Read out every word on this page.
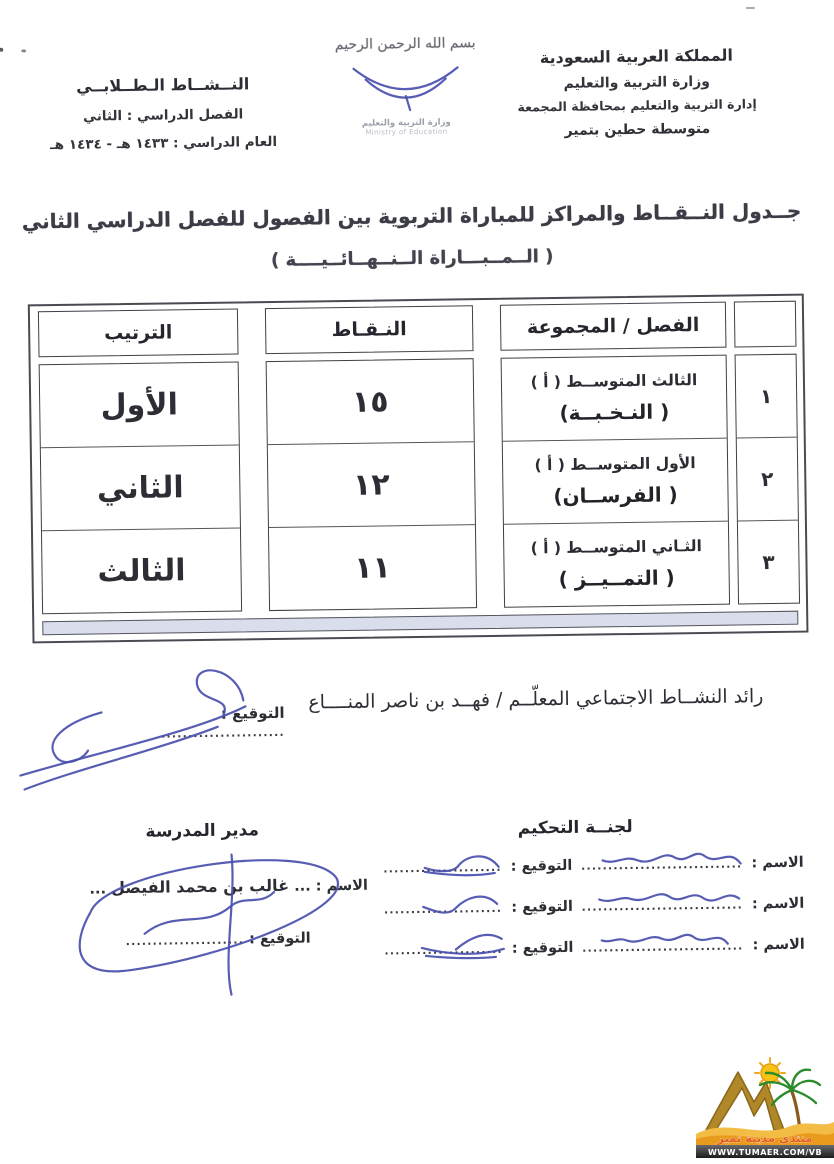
المملكة العربية السعودية
وزارة التربية والتعليم
إدارة التربية والتعليم بمحافظة المجمعة
متوسطة حطين بتمير
بسم الله الرحمن الرحيم
وزارة التربية والتعليم
Ministry of Education
النــشــاط الـطــلابــي
الفصل الدراسي : الثاني
العام الدراسي : ١٤٣٣ هـ - ١٤٣٤ هـ
جــدول النــقــاط والمراكز للمباراة التربوية بين الفصول للفصل الدراسي الثاني
( الــمــبـــاراة الــنــهــائــيــــة )
١
٢
٣
الفصل / المجموعة
الثالث المتوســط ( أ )
( النـخـبــة)
الأول المتوســط ( أ )
( الفرســان)
الثـاني المتوســط ( أ )
( التمــيــز )
النـقـاط
١٥
١٢
١١
الترتيب
الأول
الثاني
الثالث
رائد النشــاط الاجتماعي المعلّــم / فهــد بن ناصر المنــــاع
التوقيع :
.......................
لجنــة التحكيم
الاسم :
..............................
التوقيع :
......................
الاسم :
..............................
التوقيع :
......................
الاسم :
..............................
التوقيع :
......................
مدير المدرسة
الاسم : ... غالب بن محمد الفيصل ...
التوقيع :
......................
منتدى مدينة تمير
WWW.TUMAER.COM/VB
